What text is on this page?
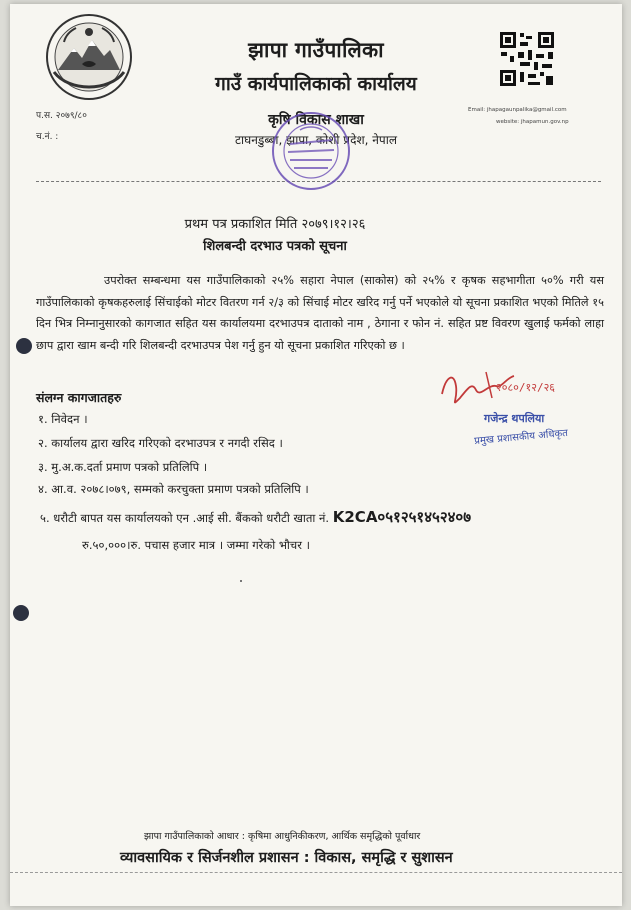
झापा गाउँपालिका
गाउँ कार्यपालिकाको कार्यालय
कृषि विकास शाखा
टाघनडुब्बा, झापा, कोशी प्रदेश, नेपाल
प.स. २०७९/८०
च.नं. :
Email: jhapagaunpalika@gmail.com
website: jhapamun.gov.np
प्रथम पत्र प्रकाशित मिति २०७९।१२।२६
शिलबन्दी दरभाउ पत्रको सूचना
उपरोक्त सम्बन्धमा यस गाउँपालिकाको २५% सहारा नेपाल (साकोस) को २५% र कृषक सहभागीता ५०% गरी यस गाउँपालिकाको कृषकहरुलाई सिंचाईको मोटर वितरण गर्न २/३ को सिंचाई मोटर खरिद गर्नु पर्ने भएकोले यो सूचना प्रकाशित भएको मितिले १५ दिन भित्र निम्नानुसारको कागजात सहित यस कार्यालयमा दरभाउपत्र दाताको नाम , ठेगाना र फोन नं. सहित प्रष्ट विवरण खुलाई फर्मको लाहा छाप द्वारा खाम बन्दी गरि शिलबन्दी दरभाउपत्र पेश गर्नु हुन यो सूचना प्रकाशित गरिएको छ ।
संलग्न कागजातहरु
१. निवेदन ।
२. कार्यालय द्वारा खरिद गरिएको दरभाउपत्र र नगदी रसिद ।
३. मु.अ.क.दर्ता प्रमाण पत्रको प्रतिलिपि ।
४. आ.व. २०७८।०७९, सम्मको करचुक्ता प्रमाण पत्रको प्रतिलिपि ।
५. धरौटी बापत यस कार्यालयको एन .आई सी. बैंकको धरौटी खाता नं. K2CA०५१२५१४५२४०७
रु.५०,०००।रु. पचास हजार मात्र । जम्मा गरेको भौचर ।
२०८०/१२/२६
गजेन्द्र थपलिया
प्रमुख प्रशासकीय अधिकृत
झापा गाउँपालिकाको आधार : कृषिमा आधुनिकीकरण, आर्थिक समृद्धिको पूर्वाधार
व्यावसायिक र सिर्जनशील प्रशासन : विकास, समृद्धि र सुशासन
